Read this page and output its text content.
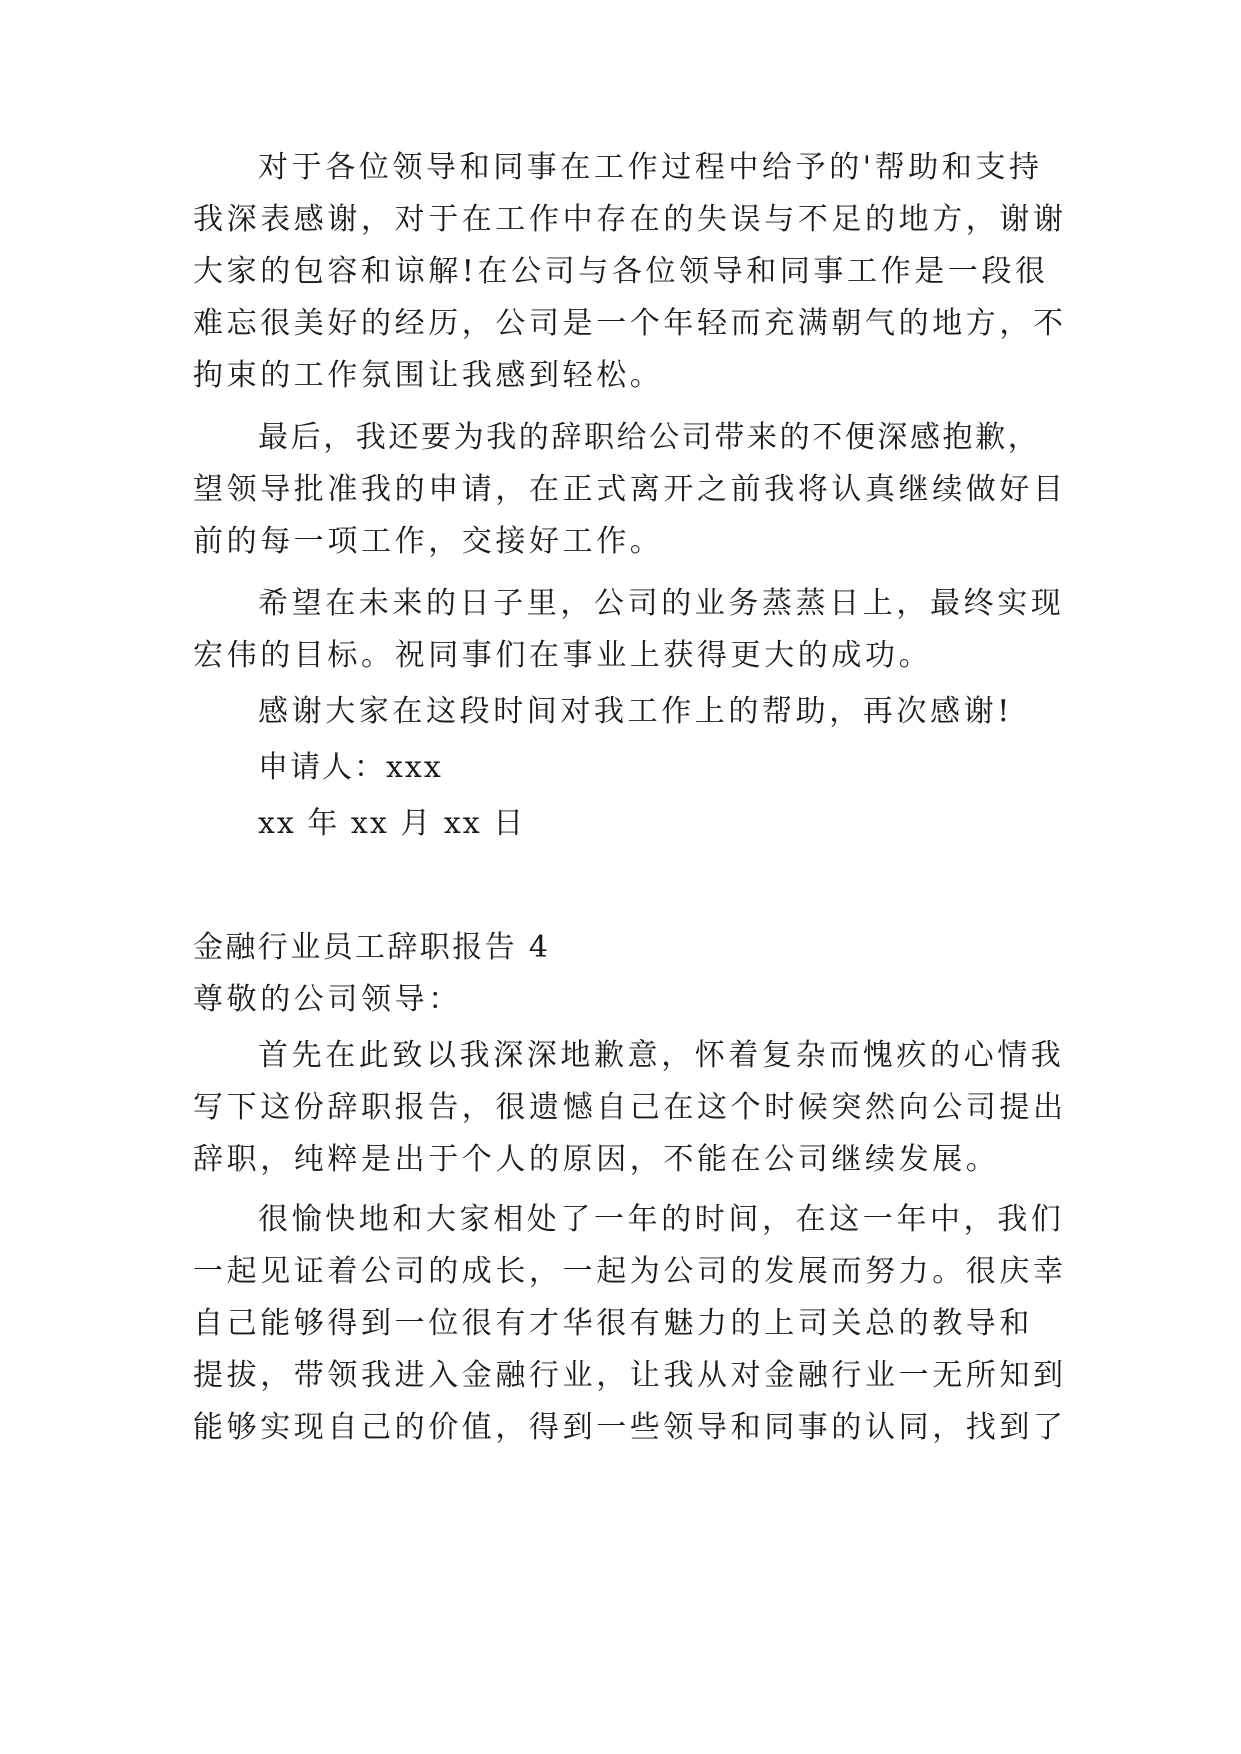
对于各位领导和同事在工作过程中给予的'帮助和支持
我深表感谢，对于在工作中存在的失误与不足的地方，谢谢
大家的包容和谅解!在公司与各位领导和同事工作是一段很
难忘很美好的经历，公司是一个年轻而充满朝气的地方，不
拘束的工作氛围让我感到轻松。
最后，我还要为我的辞职给公司带来的不便深感抱歉，
望领导批准我的申请，在正式离开之前我将认真继续做好目
前的每一项工作，交接好工作。
希望在未来的日子里，公司的业务蒸蒸日上，最终实现
宏伟的目标。祝同事们在事业上获得更大的成功。
感谢大家在这段时间对我工作上的帮助，再次感谢!
申请人：xxx
xx 年 xx 月 xx 日
金融行业员工辞职报告 4
尊敬的公司领导：
首先在此致以我深深地歉意，怀着复杂而愧疚的心情我
写下这份辞职报告，很遗憾自己在这个时候突然向公司提出
辞职，纯粹是出于个人的原因，不能在公司继续发展。
很愉快地和大家相处了一年的时间，在这一年中，我们
一起见证着公司的成长，一起为公司的发展而努力。很庆幸
自己能够得到一位很有才华很有魅力的上司关总的教导和
提拔，带领我进入金融行业，让我从对金融行业一无所知到
能够实现自己的价值，得到一些领导和同事的认同，找到了
